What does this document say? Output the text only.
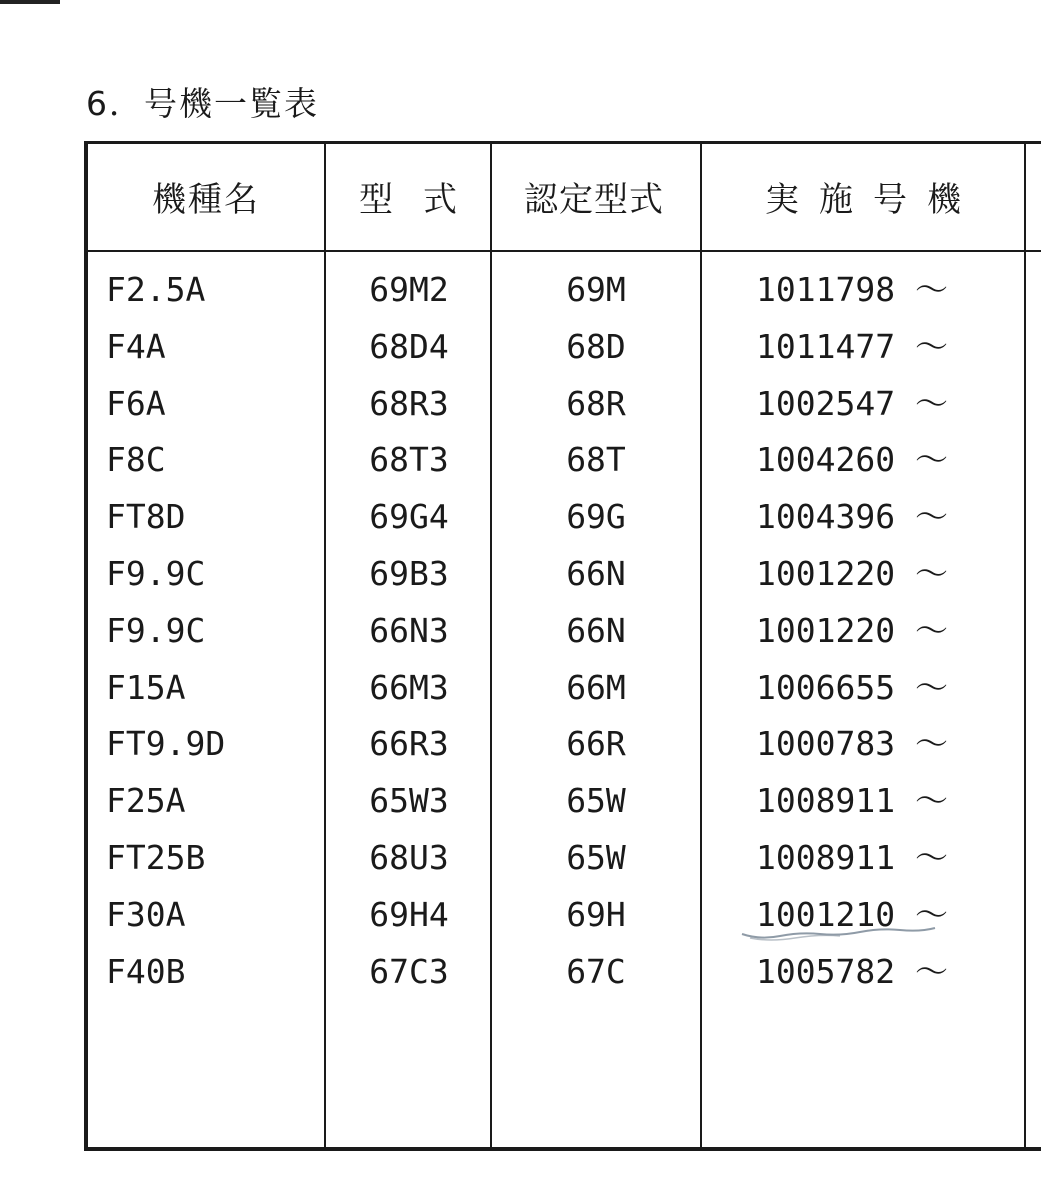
6．号機一覧表
機種名	型式	認定型式	実施号機
F2.5A	69M2	69M	1011798 ～
F4A	68D4	68D	1011477 ～
F6A	68R3	68R	1002547 ～
F8C	68T3	68T	1004260 ～
FT8D	69G4	69G	1004396 ～
F9.9C	69B3	66N	1001220 ～
F9.9C	66N3	66N	1001220 ～
F15A	66M3	66M	1006655 ～
FT9.9D	66R3	66R	1000783 ～
F25A	65W3	65W	1008911 ～
FT25B	68U3	65W	1008911 ～
F30A	69H4	69H	1001210 ～
F40B	67C3	67C	1005782 ～
